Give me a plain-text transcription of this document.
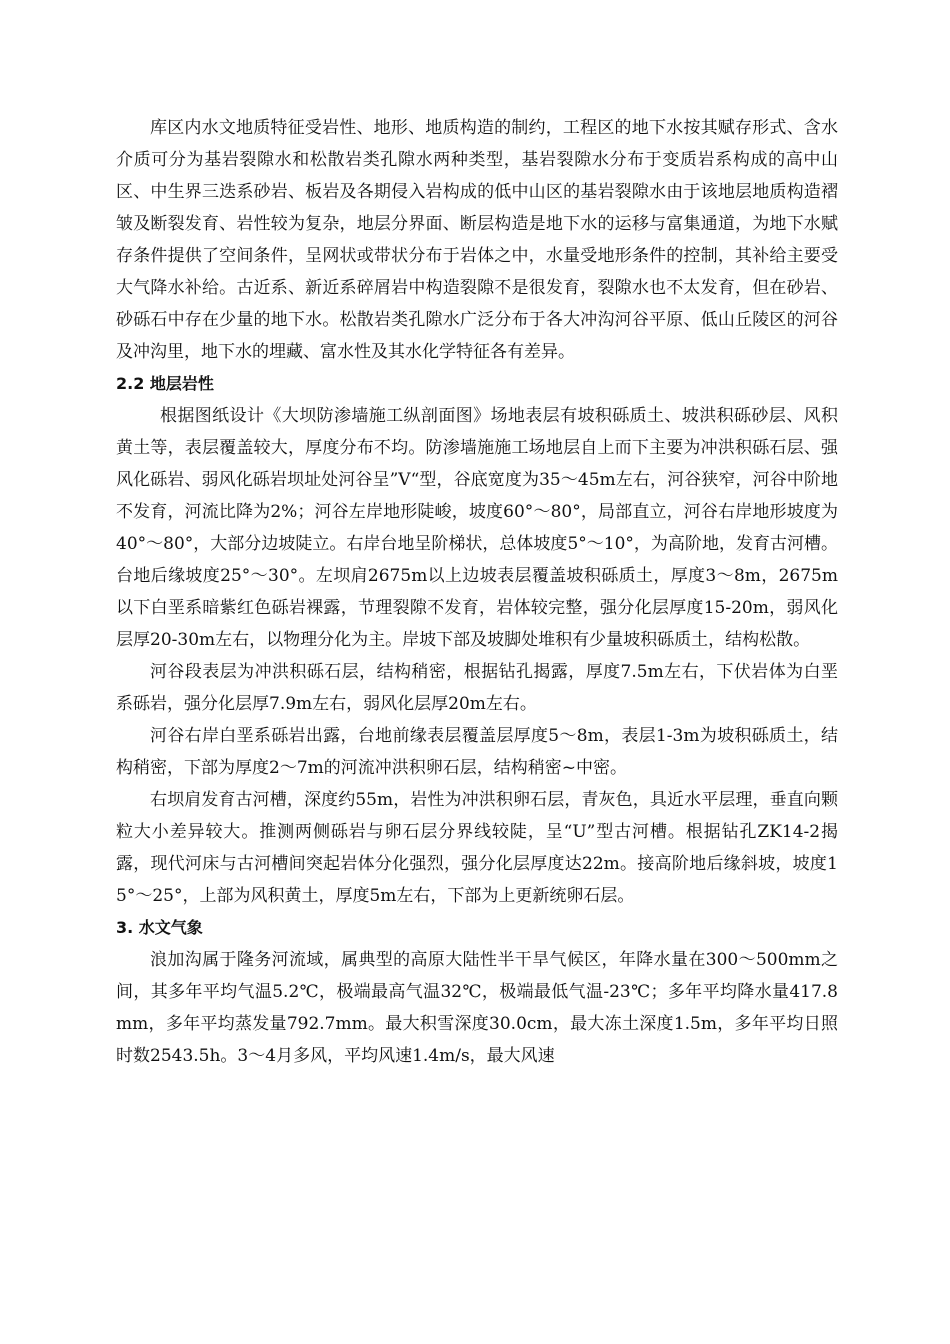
库区内水文地质特征受岩性、地形、地质构造的制约，工程区的地下水按其赋存形式、含水介质可分为基岩裂隙水和松散岩类孔隙水两种类型，基岩裂隙水分布于变质岩系构成的高中山区、中生界三迭系砂岩、板岩及各期侵入岩构成的低中山区的基岩裂隙水由于该地层地质构造褶皱及断裂发育、岩性较为复杂，地层分界面、断层构造是地下水的运移与富集通道，为地下水赋存条件提供了空间条件，呈网状或带状分布于岩体之中，水量受地形条件的控制，其补给主要受大气降水补给。古近系、新近系碎屑岩中构造裂隙不是很发育，裂隙水也不太发育，但在砂岩、砂砾石中存在少量的地下水。松散岩类孔隙水广泛分布于各大冲沟河谷平原、低山丘陵区的河谷及冲沟里，地下水的埋藏、富水性及其水化学特征各有差异。

2.2 地层岩性

根据图纸设计《大坝防渗墙施工纵剖面图》场地表层有坡积砾质土、坡洪积砾砂层、风积黄土等，表层覆盖较大，厚度分布不均。防渗墙施施工场地层自上而下主要为冲洪积砾石层、强风化砾岩、弱风化砾岩坝址处河谷呈”V“型，谷底宽度为35～45m左右，河谷狭窄，河谷中阶地不发育，河流比降为2%；河谷左岸地形陡峻，坡度60°～80°，局部直立，河谷右岸地形坡度为40°～80°，大部分边坡陡立。右岸台地呈阶梯状，总体坡度5°～10°，为高阶地，发育古河槽。台地后缘坡度25°～30°。左坝肩2675m以上边坡表层覆盖坡积砾质土，厚度3～8m，2675m以下白垩系暗紫红色砾岩裸露，节理裂隙不发育，岩体较完整，强分化层厚度15-20m，弱风化层厚20-30m左右，以物理分化为主。岸坡下部及坡脚处堆积有少量坡积砾质土，结构松散。

河谷段表层为冲洪积砾石层，结构稍密，根据钻孔揭露，厚度7.5m左右，下伏岩体为白垩系砾岩，强分化层厚7.9m左右，弱风化层厚20m左右。

河谷右岸白垩系砾岩出露，台地前缘表层覆盖层厚度5～8m，表层1-3m为坡积砾质土，结构稍密，下部为厚度2～7m的河流冲洪积卵石层，结构稍密~中密。

右坝肩发育古河槽，深度约55m，岩性为冲洪积卵石层，青灰色，具近水平层理，垂直向颗粒大小差异较大。推测两侧砾岩与卵石层分界线较陡，呈“U”型古河槽。根据钻孔ZK14-2揭露，现代河床与古河槽间突起岩体分化强烈，强分化层厚度达22m。接高阶地后缘斜坡，坡度15°～25°，上部为风积黄土，厚度5m左右，下部为上更新统卵石层。

3. 水文气象

浪加沟属于隆务河流域，属典型的高原大陆性半干旱气候区，年降水量在300～500mm之间，其多年平均气温5.2℃，极端最高气温32℃，极端最低气温-23℃；多年平均降水量417.8mm，多年平均蒸发量792.7mm。最大积雪深度30.0cm，最大冻土深度1.5m，多年平均日照时数2543.5h。3～4月多风，平均风速1.4m/s，最大风速
